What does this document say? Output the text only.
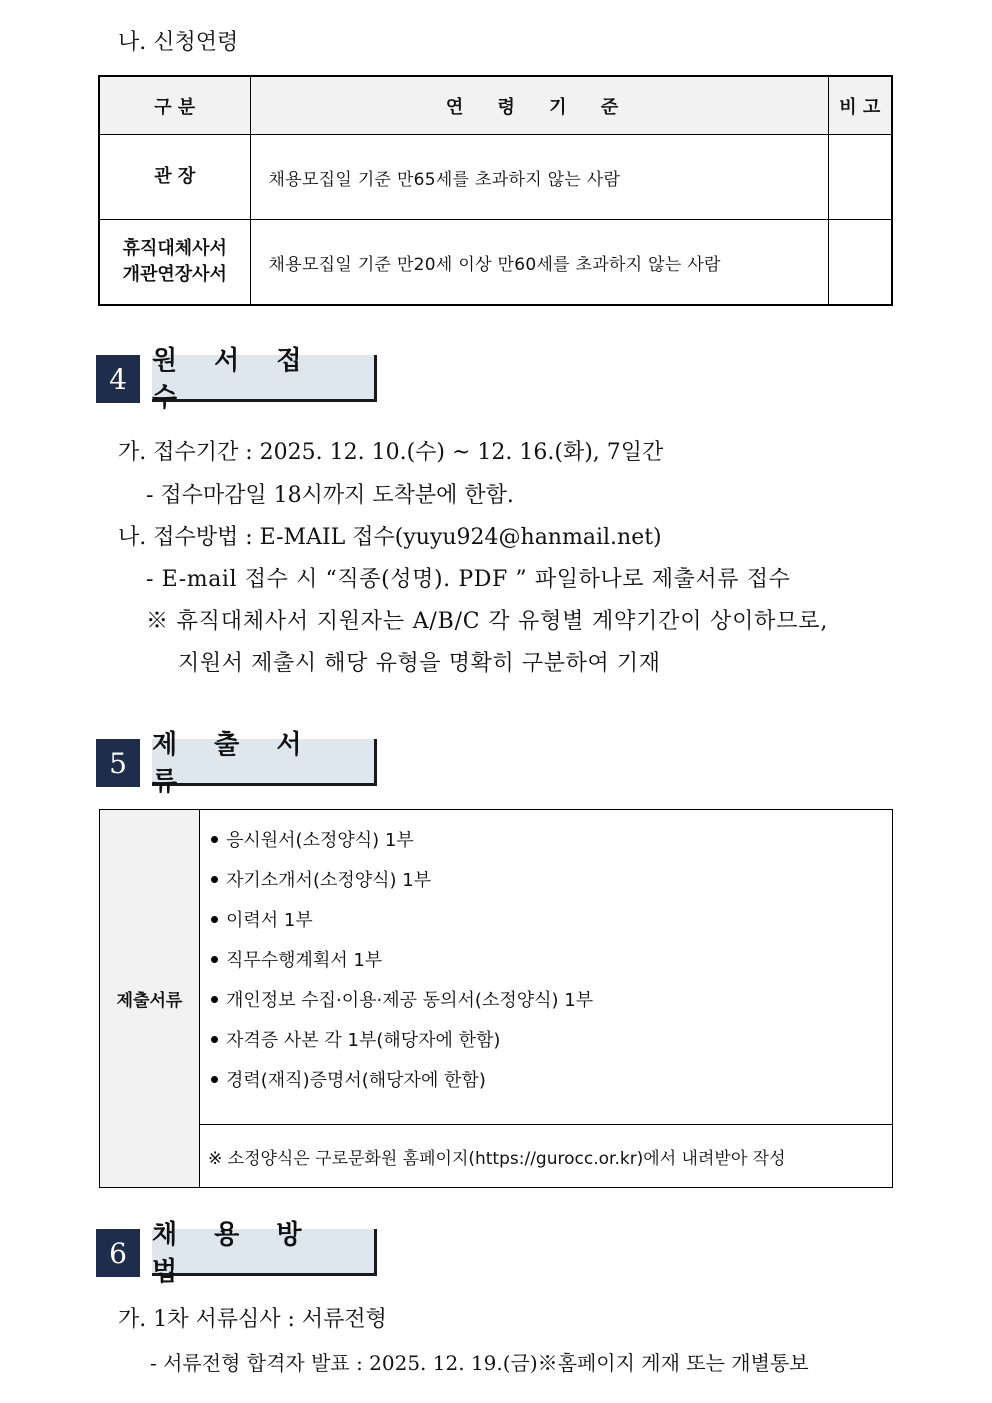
나. 신청연령
구 분	연 령 기 준	비 고

관 장	채용모집일 기준 만65세를 초과하지 않는 사람	

휴직대체사서
개관연장사서	채용모집일 기준 만20세 이상 만60세를 초과하지 않는 사람	
4
원 서 접 수
가. 접수기간 : 2025. 12. 10.(수) ~ 12. 16.(화), 7일간
- 접수마감일 18시까지 도착분에 한함.
나. 접수방법 : E-MAIL 접수(yuyu924@hanmail.net)
- E-mail 접수 시 “직종(성명). PDF ” 파일하나로 제출서류 접수
※ 휴직대체사서 지원자는 A/B/C 각 유형별 계약기간이 상이하므로,
지원서 제출시 해당 유형을 명확히 구분하여 기재
5
제 출 서 류
제출서류	
응시원서(소정양식) 1부
자기소개서(소정양식) 1부
이력서 1부
직무수행계획서 1부
개인정보 수집·이용·제공 동의서(소정양식) 1부
자격증 사본 각 1부(해당자에 한함)
경력(재직)증명서(해당자에 한함)

※ 소정양식은 구로문화원 홈페이지(https://gurocc.or.kr)에서 내려받아 작성
6
채 용 방 법
가. 1차 서류심사 : 서류전형
- 서류전형 합격자 발표 : 2025. 12. 19.(금)※홈페이지 게재 또는 개별통보
